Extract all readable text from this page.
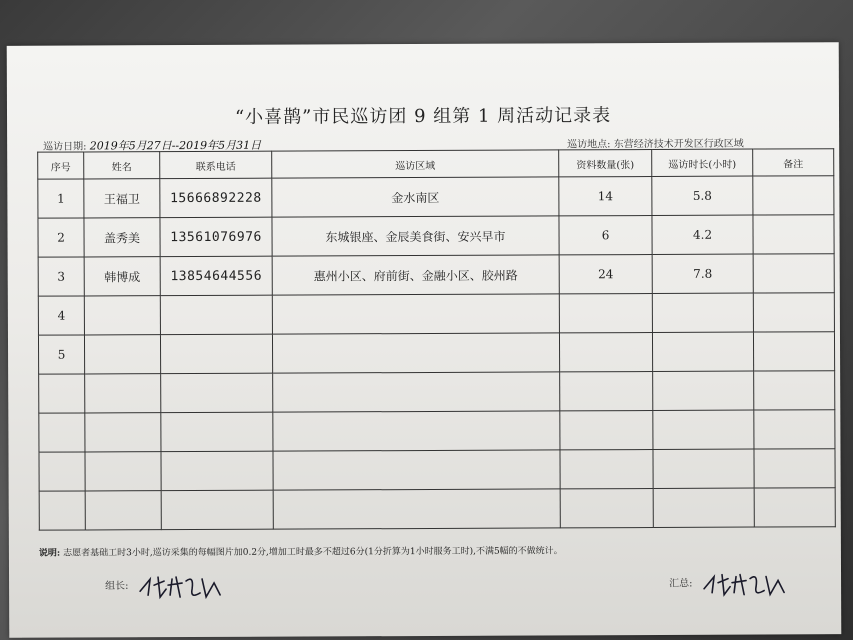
“小喜鹊”市民巡访团 9 组第 1 周活动记录表
巡访日期: 2019年5月27日--2019年5月31日	巡访地点: 东营经济技术开发区行政区域
序号	姓名	联系电话	巡访区域	资料数量(张)	巡访时长(小时)	备注
1	王福卫	15666892228	金水南区	14	5.8	
2	盖秀美	13561076976	东城银座、金辰美食街、安兴早市	6	4.2	
3	韩博成	13854644556	惠州小区、府前街、金融小区、胶州路	24	7.8	
4						
5						

说明: 志愿者基础工时3小时,巡访采集的每幅图片加0.2分,增加工时最多不超过6分(1分折算为1小时服务工时),不满5幅的不做统计。
组长:	汇总:
